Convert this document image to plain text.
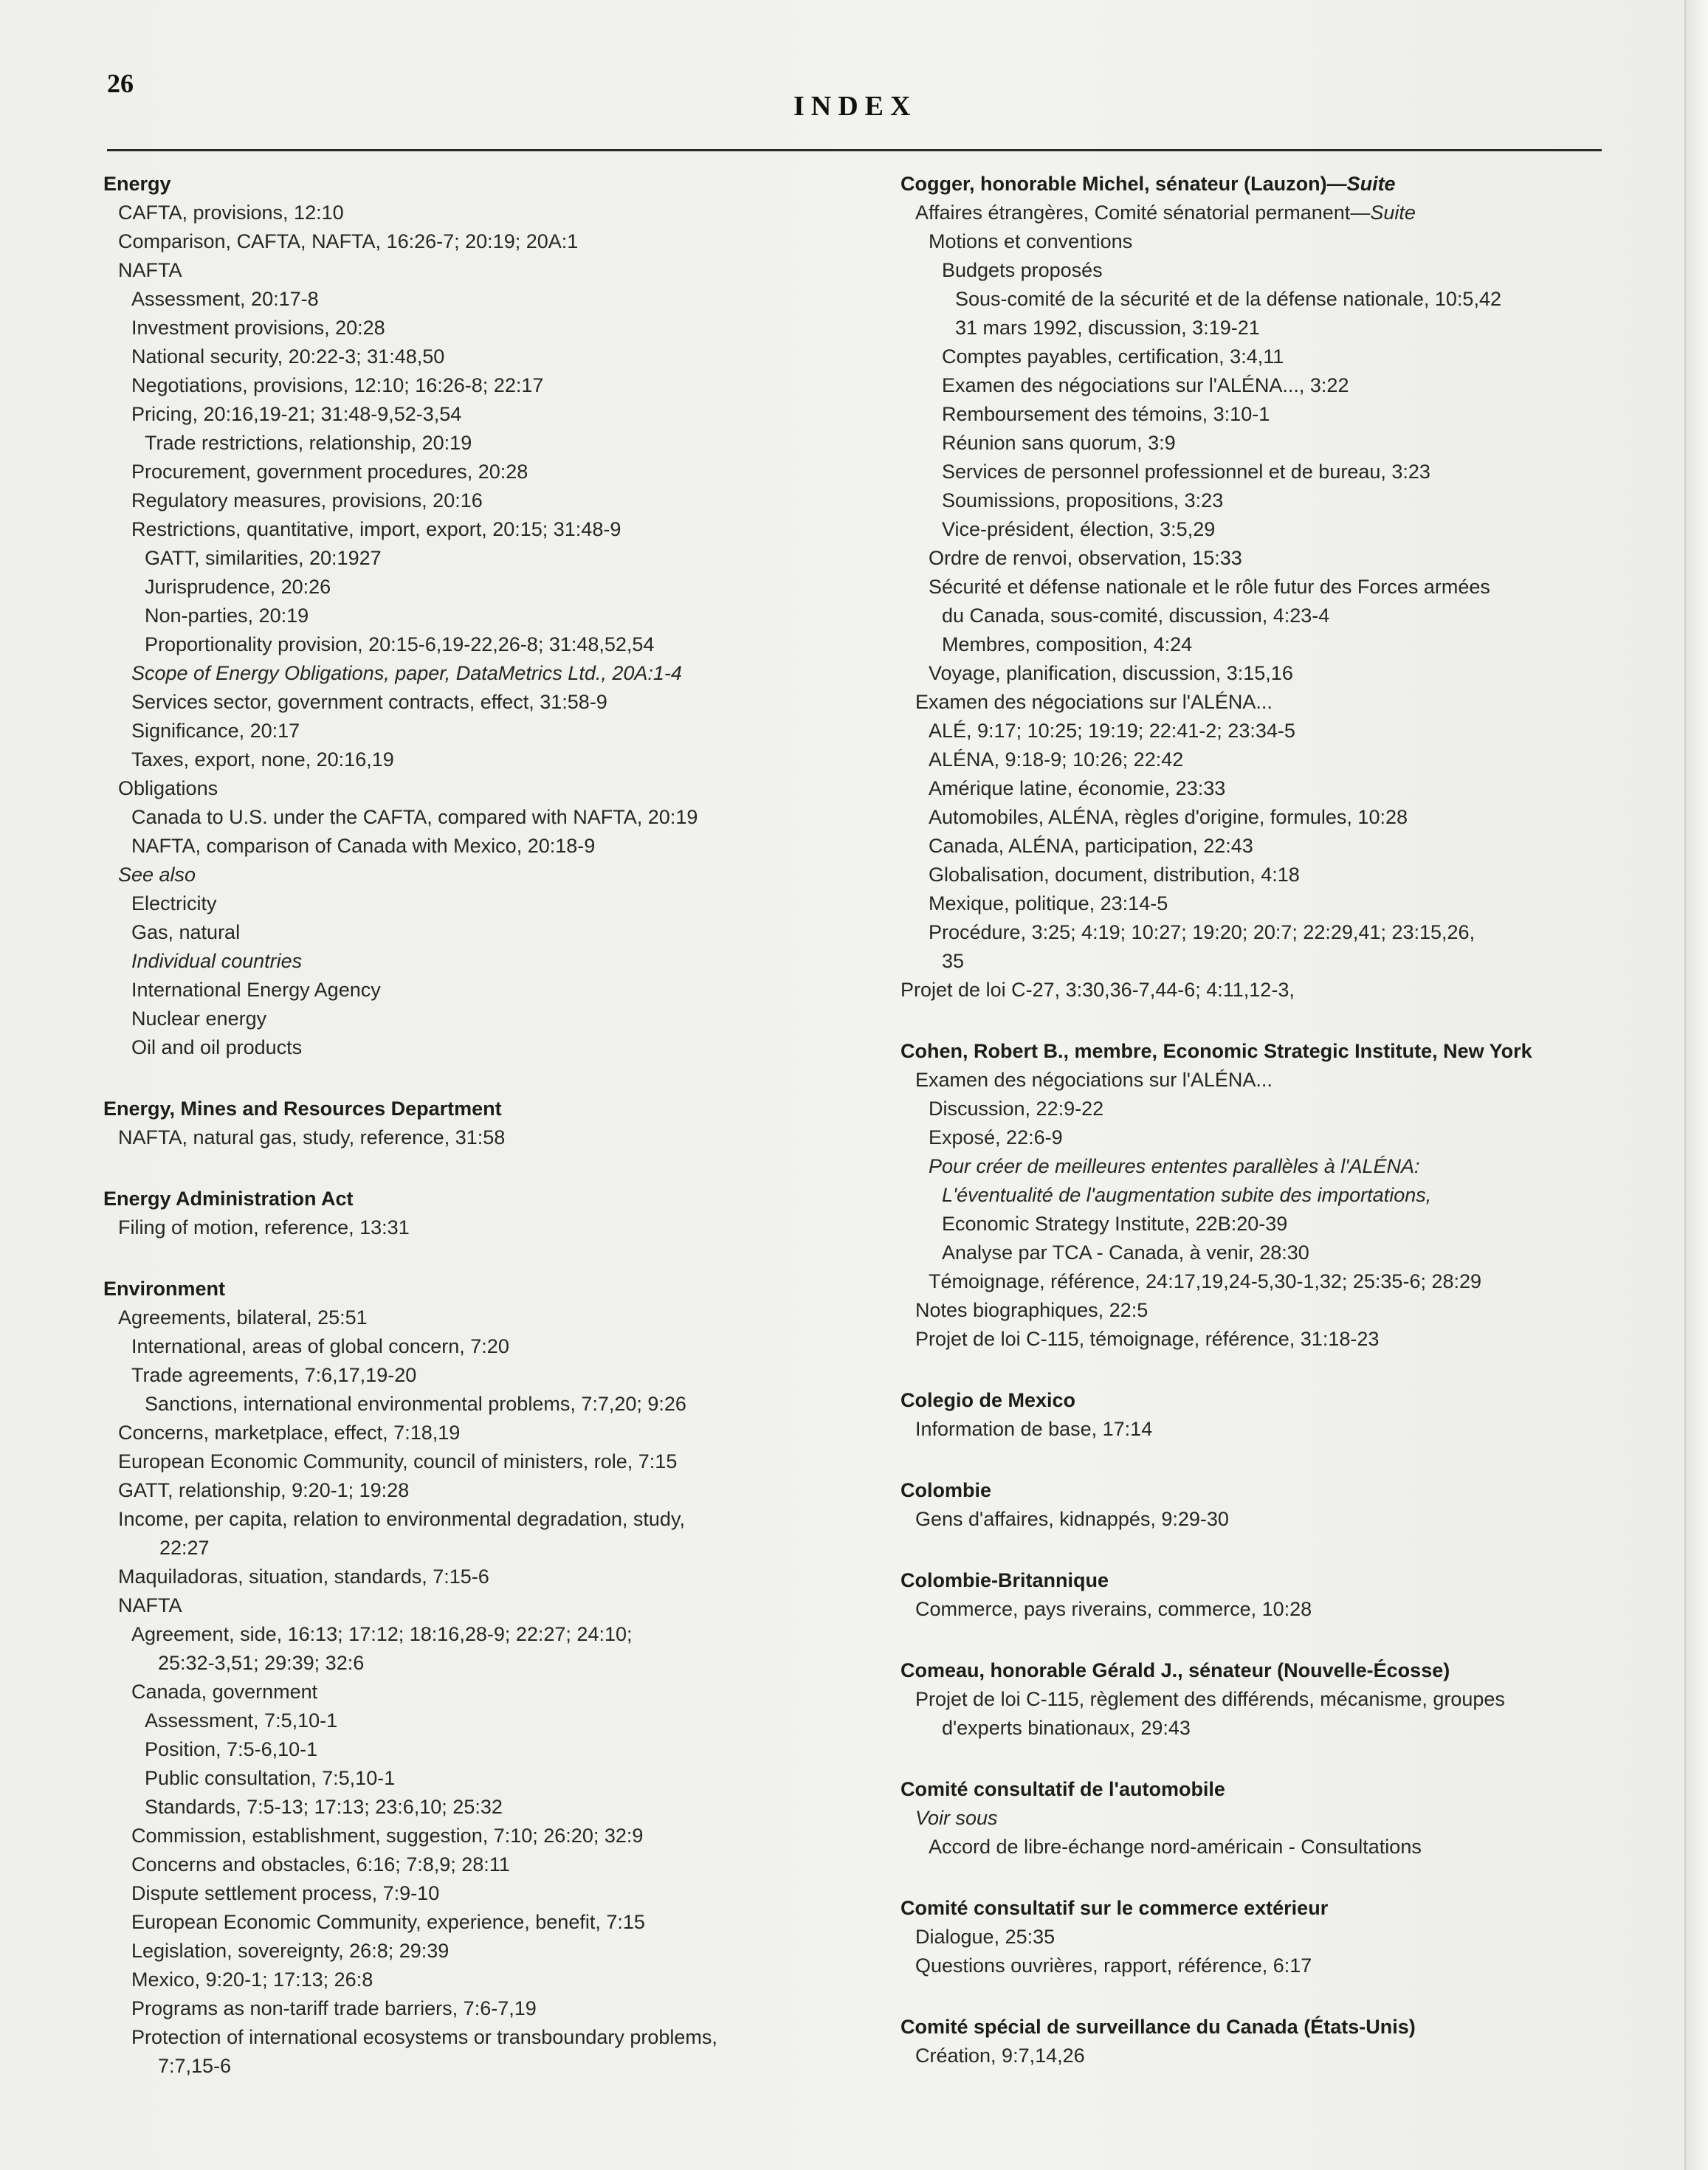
26
INDEX
Energy
CAFTA, provisions, 12:10
Comparison, CAFTA, NAFTA, 16:26-7; 20:19; 20A:1
NAFTA
Assessment, 20:17-8
Investment provisions, 20:28
National security, 20:22-3; 31:48,50
Negotiations, provisions, 12:10; 16:26-8; 22:17
Pricing, 20:16,19-21; 31:48-9,52-3,54
Trade restrictions, relationship, 20:19
Procurement, government procedures, 20:28
Regulatory measures, provisions, 20:16
Restrictions, quantitative, import, export, 20:15; 31:48-9
GATT, similarities, 20:1927
Jurisprudence, 20:26
Non-parties, 20:19
Proportionality provision, 20:15-6,19-22,26-8; 31:48,52,54
Scope of Energy Obligations, paper, DataMetrics Ltd., 20A:1-4
Services sector, government contracts, effect, 31:58-9
Significance, 20:17
Taxes, export, none, 20:16,19
Obligations
Canada to U.S. under the CAFTA, compared with NAFTA, 20:19
NAFTA, comparison of Canada with Mexico, 20:18-9
See also
Electricity
Gas, natural
Individual countries
International Energy Agency
Nuclear energy
Oil and oil products
Energy, Mines and Resources Department
NAFTA, natural gas, study, reference, 31:58
Energy Administration Act
Filing of motion, reference, 13:31
Environment
Agreements, bilateral, 25:51
International, areas of global concern, 7:20
Trade agreements, 7:6,17,19-20
Sanctions, international environmental problems, 7:7,20; 9:26
Concerns, marketplace, effect, 7:18,19
European Economic Community, council of ministers, role, 7:15
GATT, relationship, 9:20-1; 19:28
Income, per capita, relation to environmental degradation, study,
22:27
Maquiladoras, situation, standards, 7:15-6
NAFTA
Agreement, side, 16:13; 17:12; 18:16,28-9; 22:27; 24:10;
25:32-3,51; 29:39; 32:6
Canada, government
Assessment, 7:5,10-1
Position, 7:5-6,10-1
Public consultation, 7:5,10-1
Standards, 7:5-13; 17:13; 23:6,10; 25:32
Commission, establishment, suggestion, 7:10; 26:20; 32:9
Concerns and obstacles, 6:16; 7:8,9; 28:11
Dispute settlement process, 7:9-10
European Economic Community, experience, benefit, 7:15
Legislation, sovereignty, 26:8; 29:39
Mexico, 9:20-1; 17:13; 26:8
Programs as non-tariff trade barriers, 7:6-7,19
Protection of international ecosystems or transboundary problems,
7:7,15-6
Cogger, honorable Michel, sénateur (Lauzon)—Suite
Affaires étrangères, Comité sénatorial permanent—Suite
Motions et conventions
Budgets proposés
Sous-comité de la sécurité et de la défense nationale, 10:5,42
31 mars 1992, discussion, 3:19-21
Comptes payables, certification, 3:4,11
Examen des négociations sur l'ALÉNA..., 3:22
Remboursement des témoins, 3:10-1
Réunion sans quorum, 3:9
Services de personnel professionnel et de bureau, 3:23
Soumissions, propositions, 3:23
Vice-président, élection, 3:5,29
Ordre de renvoi, observation, 15:33
Sécurité et défense nationale et le rôle futur des Forces armées
du Canada, sous-comité, discussion, 4:23-4
Membres, composition, 4:24
Voyage, planification, discussion, 3:15,16
Examen des négociations sur l'ALÉNA...
ALÉ, 9:17; 10:25; 19:19; 22:41-2; 23:34-5
ALÉNA, 9:18-9; 10:26; 22:42
Amérique latine, économie, 23:33
Automobiles, ALÉNA, règles d'origine, formules, 10:28
Canada, ALÉNA, participation, 22:43
Globalisation, document, distribution, 4:18
Mexique, politique, 23:14-5
Procédure, 3:25; 4:19; 10:27; 19:20; 20:7; 22:29,41; 23:15,26,
35
Projet de loi C-27, 3:30,36-7,44-6; 4:11,12-3,
Cohen, Robert B., membre, Economic Strategic Institute, New York
Examen des négociations sur l'ALÉNA...
Discussion, 22:9-22
Exposé, 22:6-9
Pour créer de meilleures ententes parallèles à l'ALÉNA:
L'éventualité de l'augmentation subite des importations,
Economic Strategy Institute, 22B:20-39
Analyse par TCA - Canada, à venir, 28:30
Témoignage, référence, 24:17,19,24-5,30-1,32; 25:35-6; 28:29
Notes biographiques, 22:5
Projet de loi C-115, témoignage, référence, 31:18-23
Colegio de Mexico
Information de base, 17:14
Colombie
Gens d'affaires, kidnappés, 9:29-30
Colombie-Britannique
Commerce, pays riverains, commerce, 10:28
Comeau, honorable Gérald J., sénateur (Nouvelle-Écosse)
Projet de loi C-115, règlement des différends, mécanisme, groupes
d'experts binationaux, 29:43
Comité consultatif de l'automobile
Voir sous
Accord de libre-échange nord-américain - Consultations
Comité consultatif sur le commerce extérieur
Dialogue, 25:35
Questions ouvrières, rapport, référence, 6:17
Comité spécial de surveillance du Canada (États-Unis)
Création, 9:7,14,26
